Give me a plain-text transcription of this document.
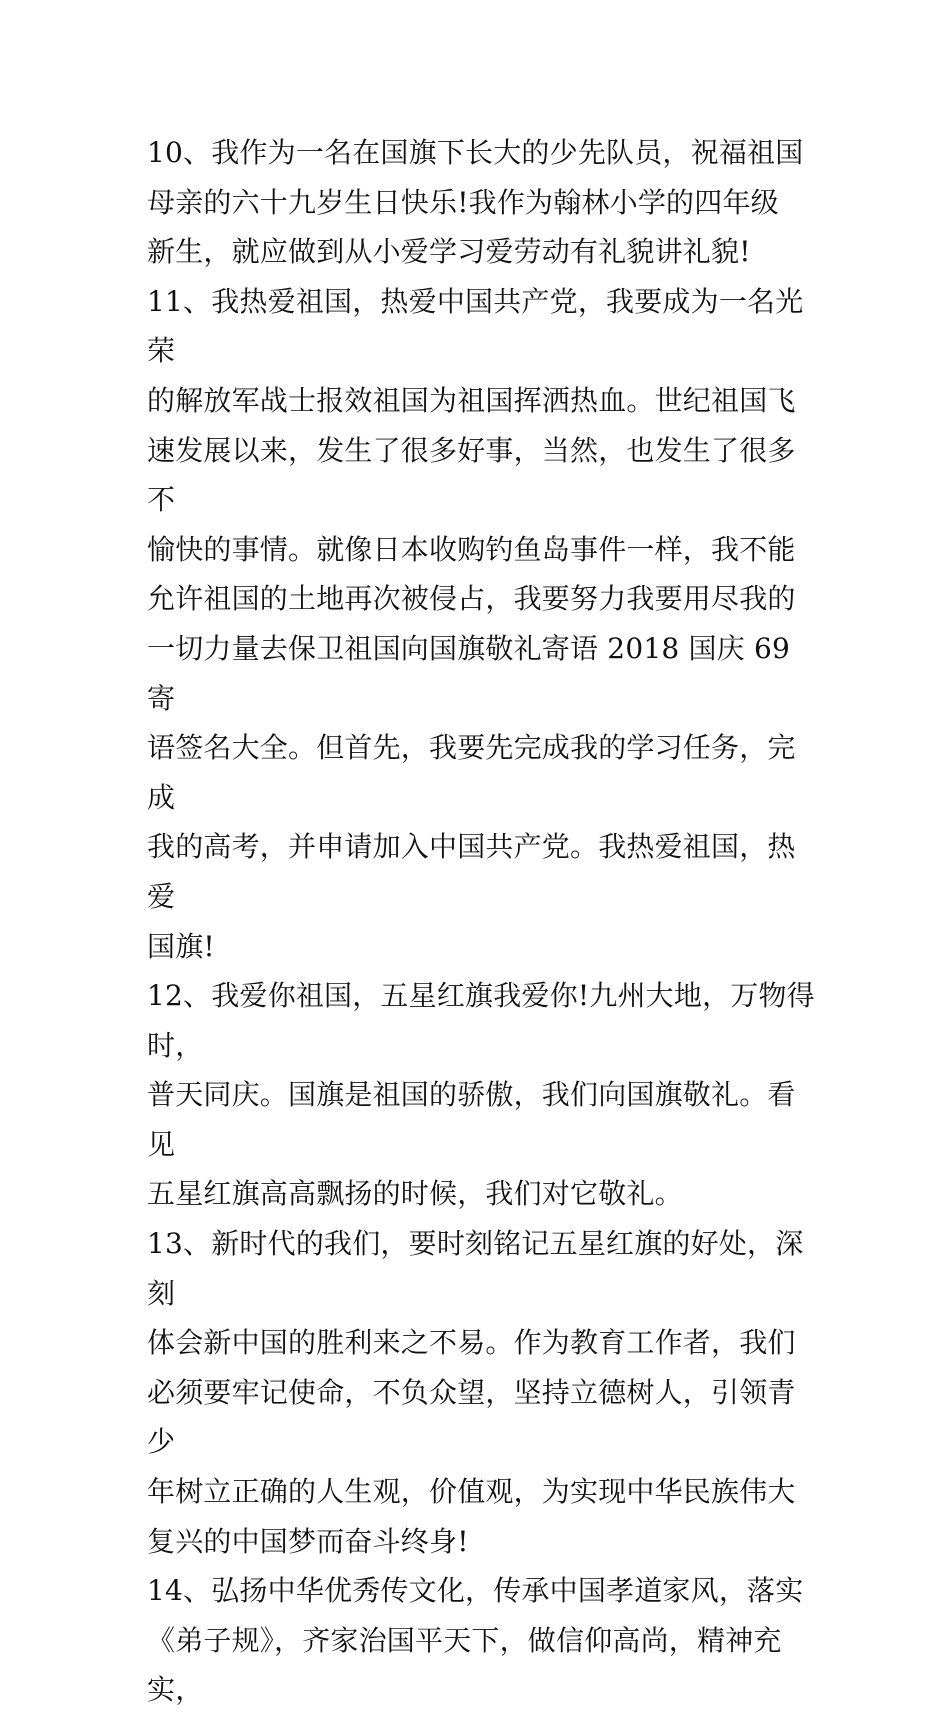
10、我作为一名在国旗下长大的少先队员，祝福祖国
母亲的六十九岁生日快乐!我作为翰林小学的四年级
新生，就应做到从小爱学习爱劳动有礼貌讲礼貌!

11、我热爱祖国，热爱中国共产党，我要成为一名光荣
的解放军战士报效祖国为祖国挥洒热血。世纪祖国飞
速发展以来，发生了很多好事，当然，也发生了很多不
愉快的事情。就像日本收购钓鱼岛事件一样，我不能
允许祖国的土地再次被侵占，我要努力我要用尽我的
一切力量去保卫祖国向国旗敬礼寄语 2018 国庆 69 寄
语签名大全。但首先，我要先完成我的学习任务，完成
我的高考，并申请加入中国共产党。我热爱祖国，热爱
国旗!

12、我爱你祖国，五星红旗我爱你!九州大地，万物得时，
普天同庆。国旗是祖国的骄傲，我们向国旗敬礼。看见
五星红旗高高飘扬的时候，我们对它敬礼。

13、新时代的我们，要时刻铭记五星红旗的好处，深刻
体会新中国的胜利来之不易。作为教育工作者，我们
必须要牢记使命，不负众望，坚持立德树人，引领青少
年树立正确的人生观，价值观，为实现中华民族伟大
复兴的中国梦而奋斗终身!

14、弘扬中华优秀传文化，传承中国孝道家风，落实
《弟子规》，齐家治国平天下，做信仰高尚，精神充实，
